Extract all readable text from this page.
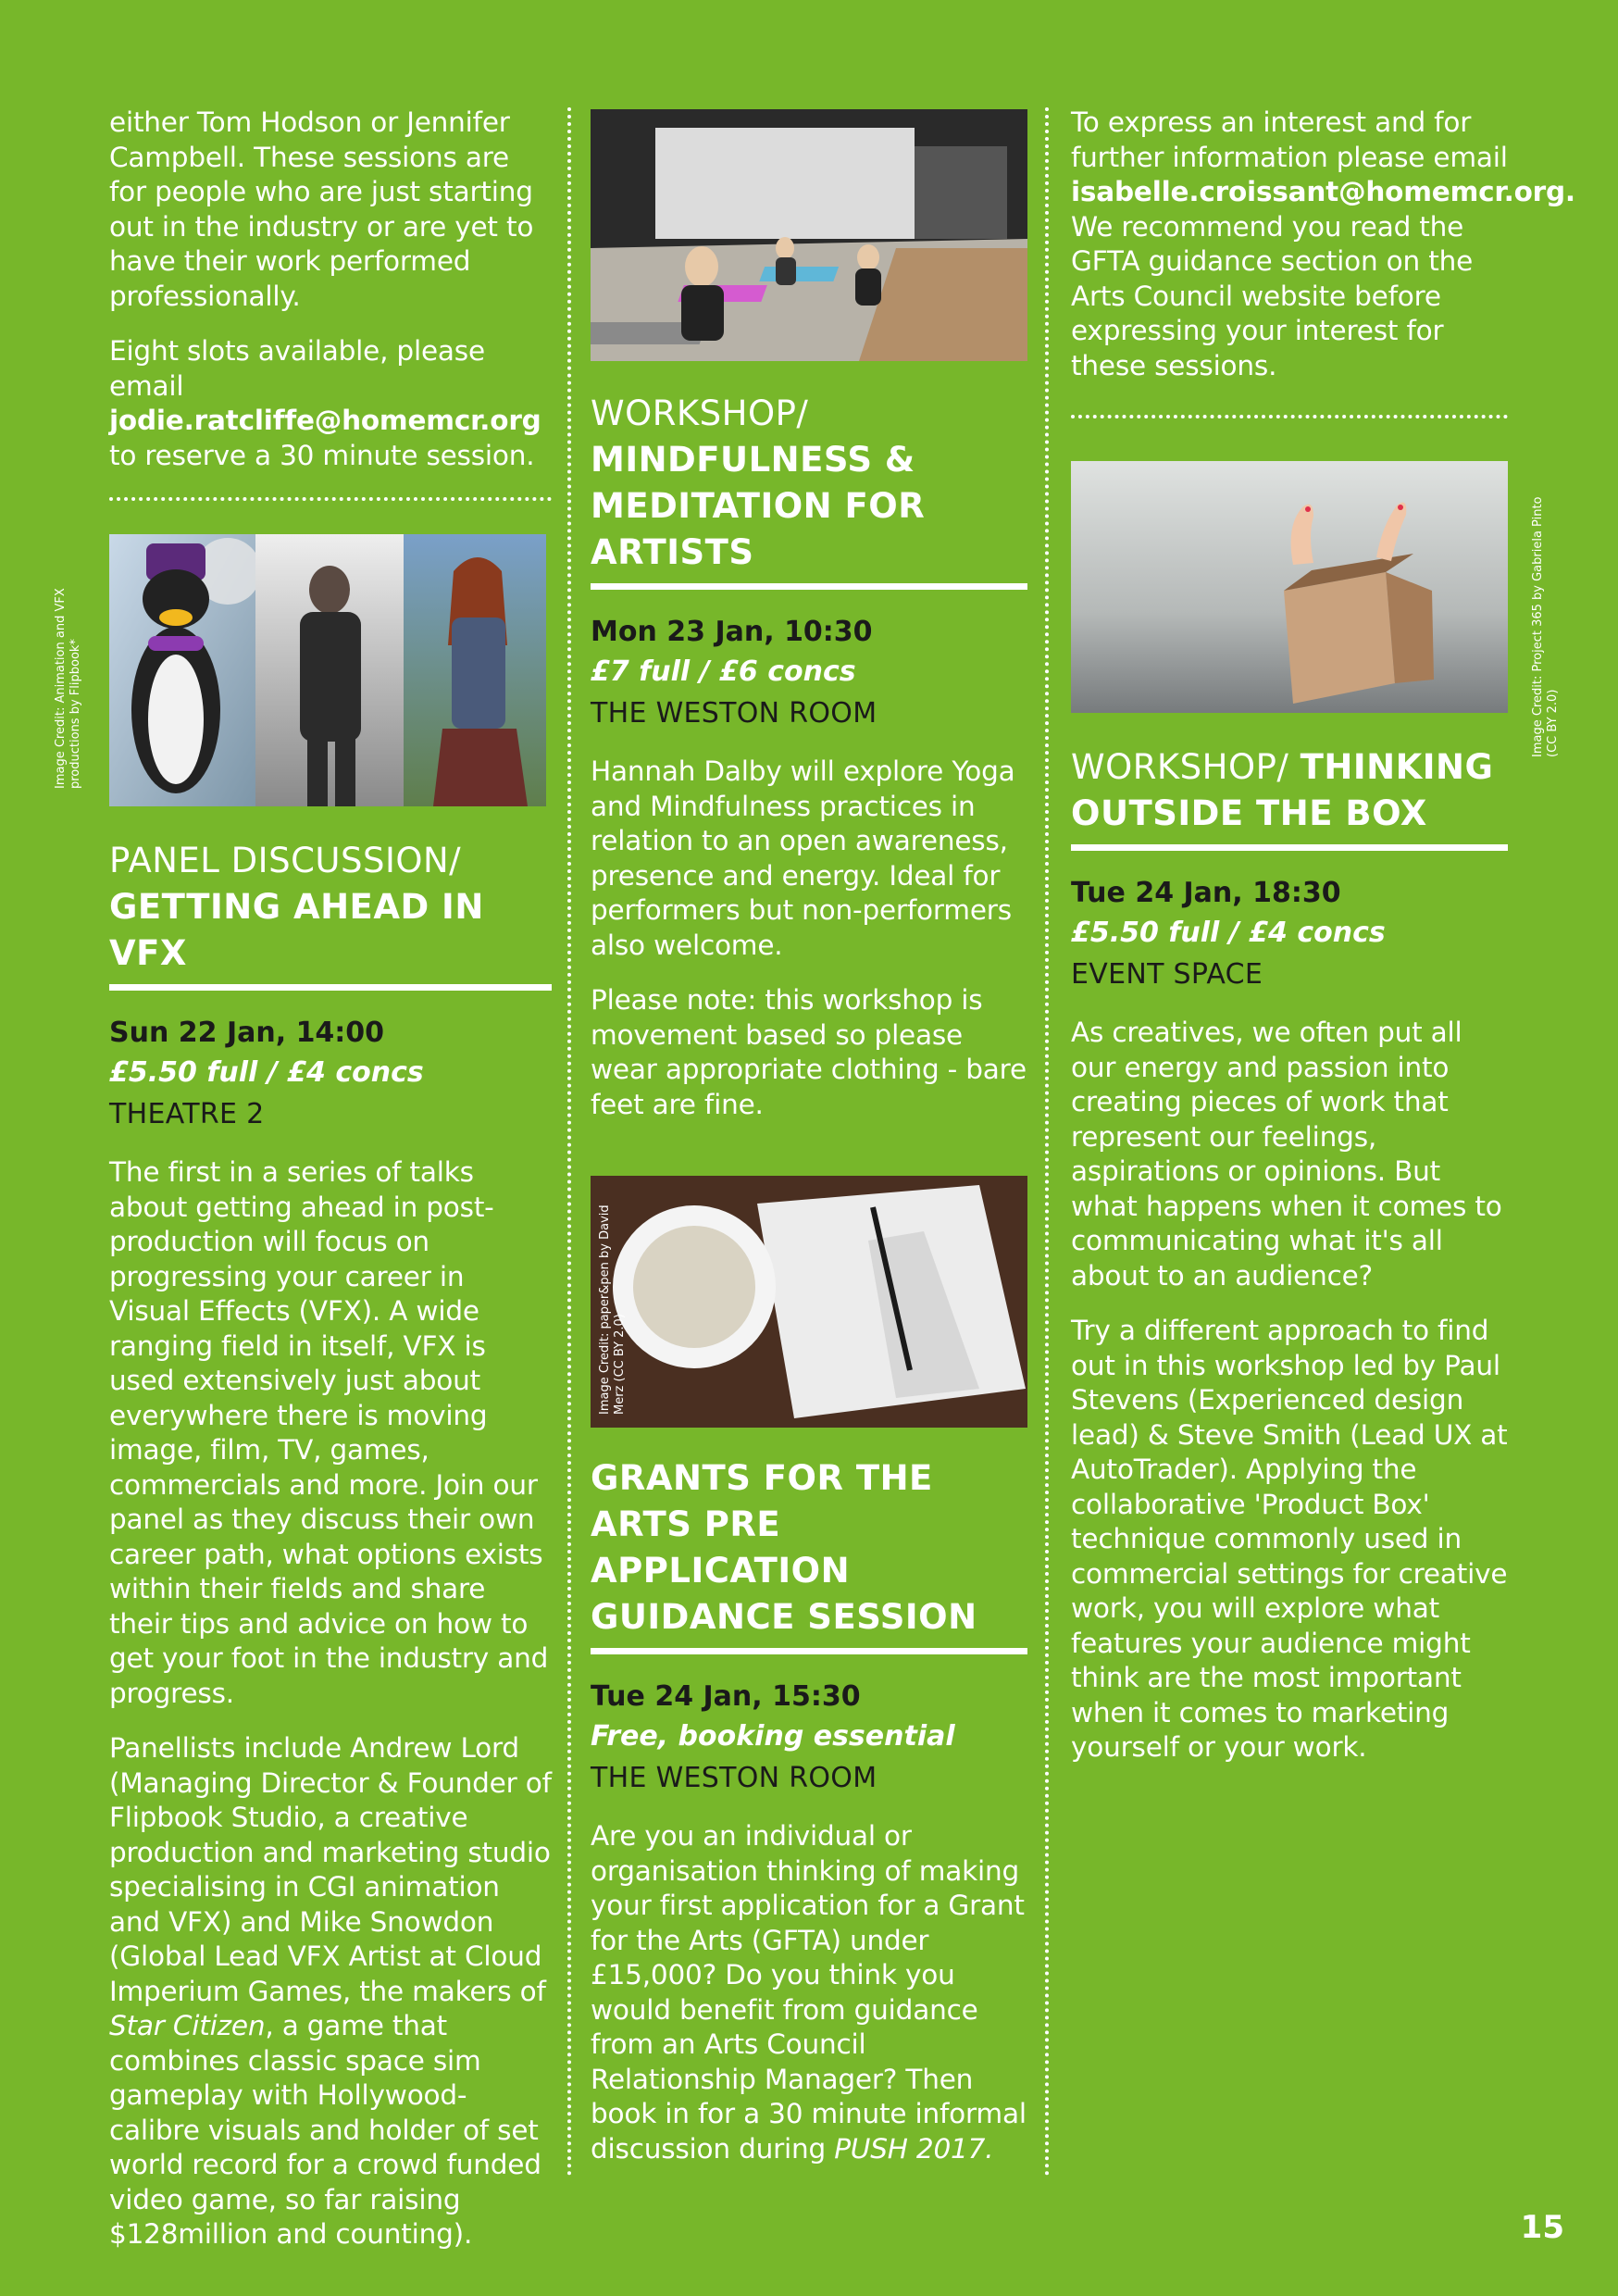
either Tom Hodson or Jennifer Campbell. These sessions are for people who are just starting out in the industry or are yet to have their work performed professionally.

Eight slots available, please email jodie.ratcliffe@homemcr.org to reserve a 30 minute session.

PANEL DISCUSSION/ GETTING AHEAD IN VFX

Sun 22 Jan, 14:00

£5.50 full / £4 concs

THEATRE 2

The first in a series of talks about getting ahead in post-production will focus on progressing your career in Visual Effects (VFX). A wide ranging field in itself, VFX is used extensively just about everywhere there is moving image, film, TV, games, commercials and more. Join our panel as they discuss their own career path, what options exists within their fields and share their tips and advice on how to get your foot in the industry and progress.

Panellists include Andrew Lord (Managing Director & Founder of Flipbook Studio, a creative production and marketing studio specialising in CGI animation and VFX) and Mike Snowdon (Global Lead VFX Artist at Cloud Imperium Games, the makers of Star Citizen, a game that combines classic space sim gameplay with Hollywood-calibre visuals and holder of set world record for a crowd funded video game, so far raising $128million and counting).

Image Credit: Animation and VFX productions by Flipbook*
WORKSHOP/ MINDFULNESS & MEDITATION FOR ARTISTS

Mon 23 Jan, 10:30

£7 full / £6 concs

THE WESTON ROOM

Hannah Dalby will explore Yoga and Mindfulness practices in relation to an open awareness, presence and energy. Ideal for performers but non-performers also welcome.

Please note: this workshop is movement based so please wear appropriate clothing - bare feet are fine.

Image Credit: paper&pen by David Merz (CC BY 2.0)
GRANTS FOR THE ARTS PRE APPLICATION GUIDANCE SESSION

Tue 24 Jan, 15:30

Free, booking essential

THE WESTON ROOM

Are you an individual or organisation thinking of making your first application for a Grant for the Arts (GFTA) under £15,000? Do you think you would benefit from guidance from an Arts Council Relationship Manager? Then book in for a 30 minute informal discussion during PUSH 2017.

To express an interest and for further information please email isabelle.croissant@homemcr.org. We recommend you read the GFTA guidance section on the Arts Council website before expressing your interest for these sessions.

WORKSHOP/ THINKING OUTSIDE THE BOX

Tue 24 Jan, 18:30

£5.50 full / £4 concs

EVENT SPACE

As creatives, we often put all our energy and passion into creating pieces of work that represent our feelings, aspirations or opinions. But what happens when it comes to communicating what it's all about to an audience?

Try a different approach to find out in this workshop led by Paul Stevens (Experienced design lead) & Steve Smith (Lead UX at AutoTrader). Applying the collaborative 'Product Box' technique commonly used in commercial settings for creative work, you will explore what features your audience might think are the most important when it comes to marketing yourself or your work.

Image Credit: Project 365 by Gabriela Pinto (CC BY 2.0)
15
